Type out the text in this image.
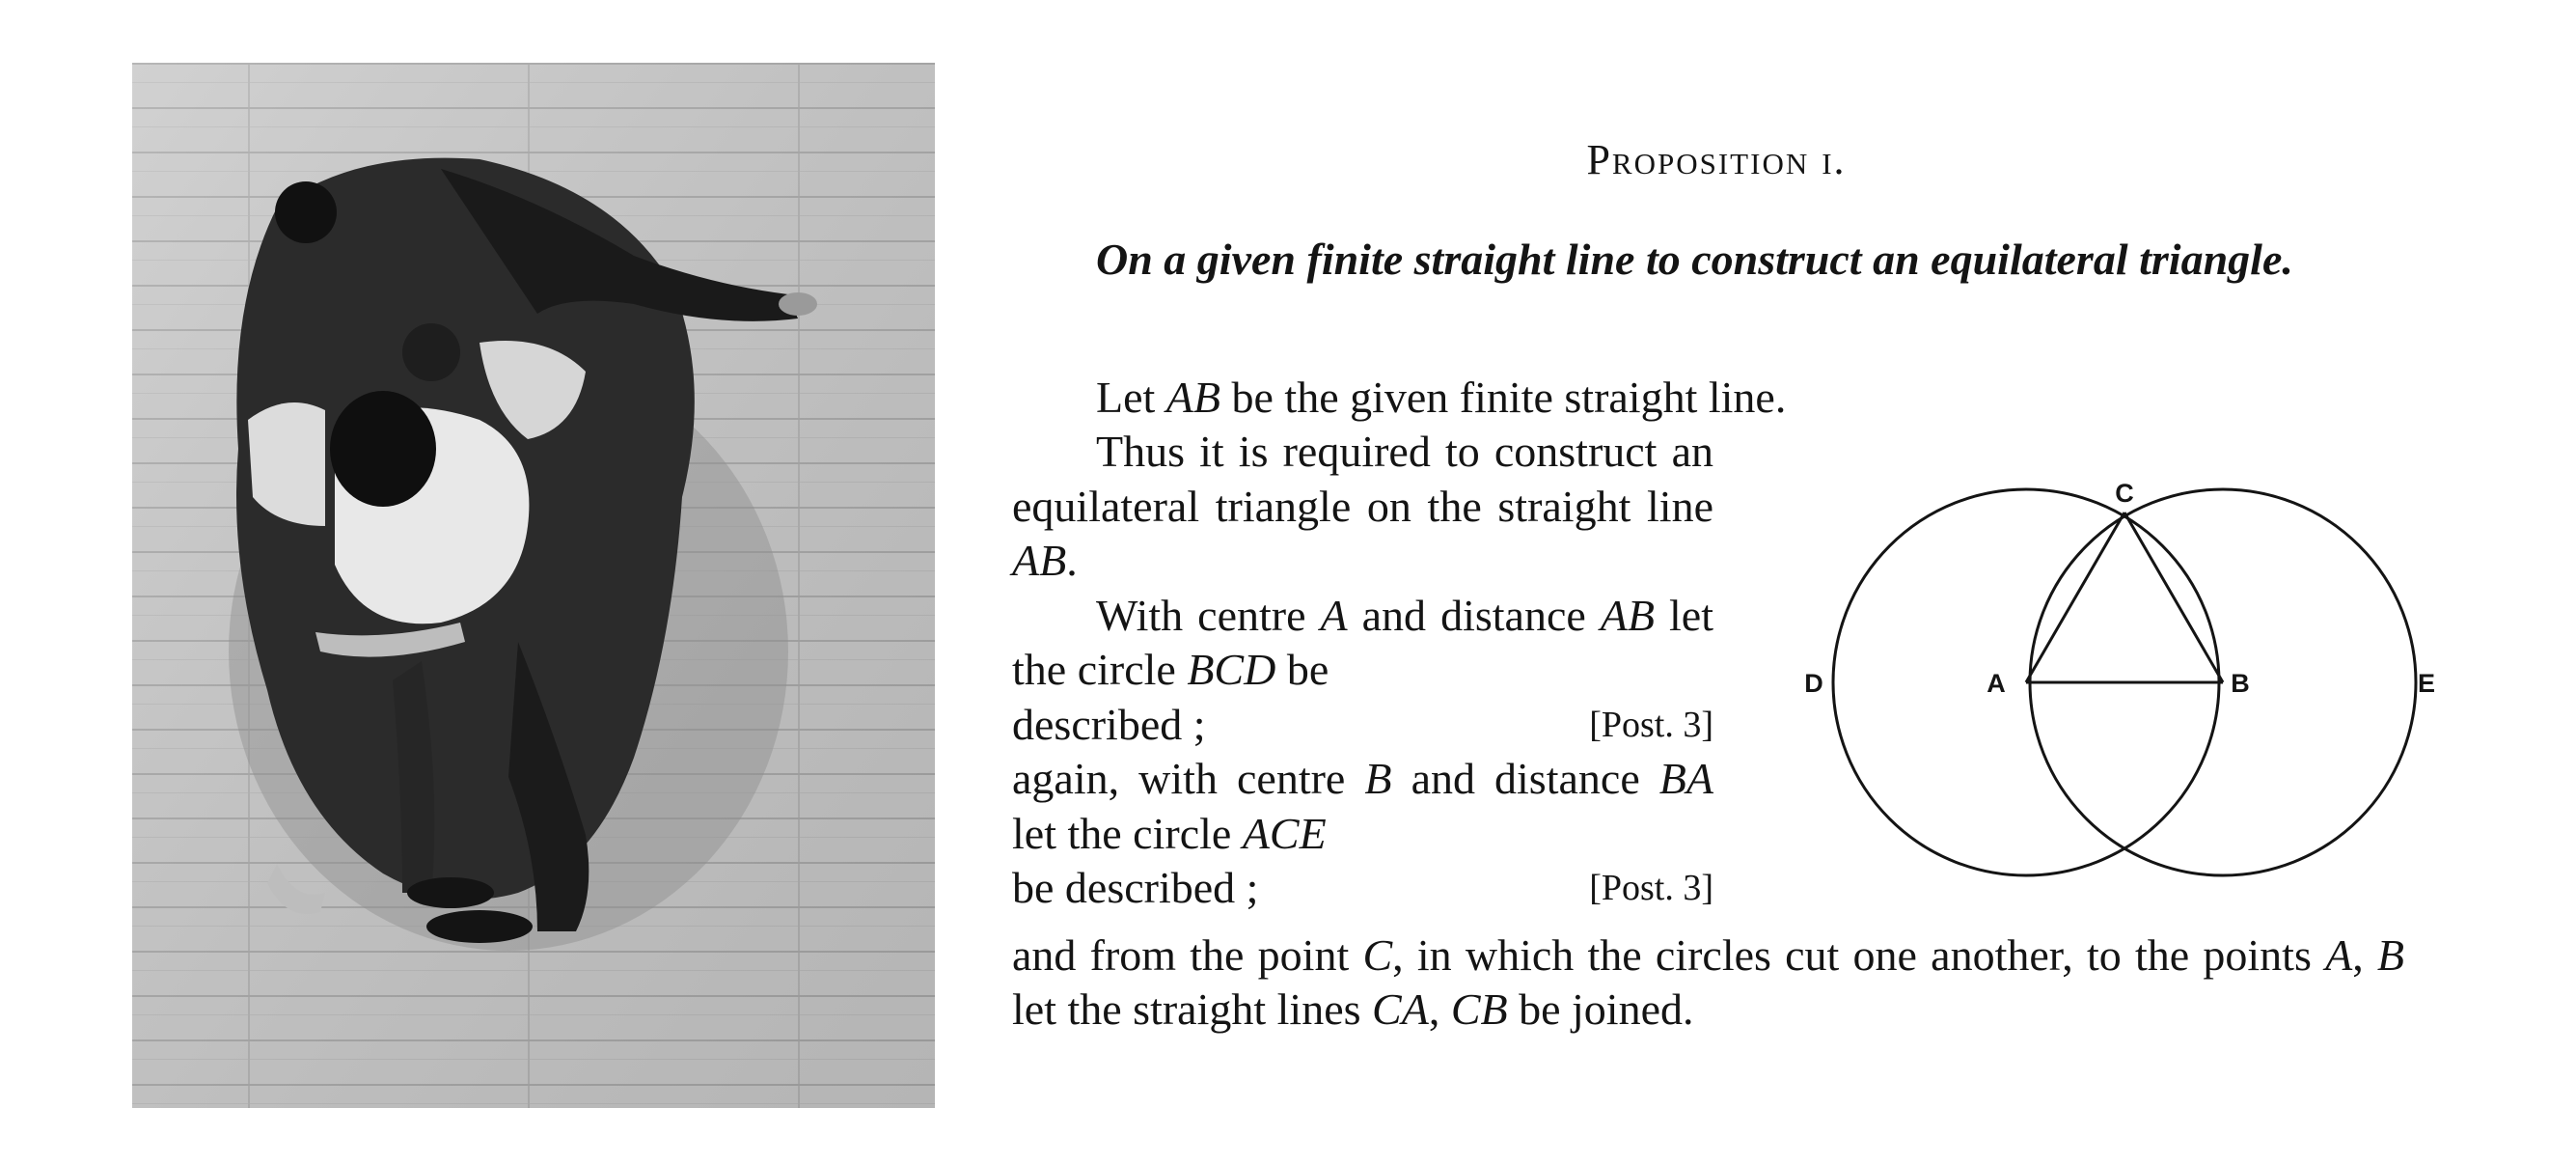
Proposition i.

On a given finite straight line to construct an equilateral triangle.

Let AB be the given finite straight line.

Thus it is required to construct an equilateral triangle on the straight line AB.

With centre A and distance AB let the circle BCD be

described ;	[Post. 3]

again, with centre B and distance BA let the circle ACE

be described ;	[Post. 3]
A	B
C
D	E

and from the point C, in which the circles cut one another, to the points A, B let the straight lines CA, CB be joined.
